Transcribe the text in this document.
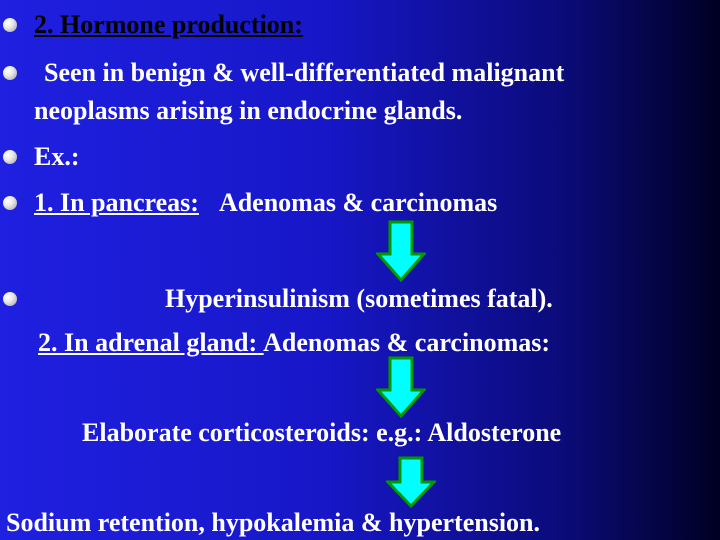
2. Hormone production:
Seen in benign & well-differentiated malignant
neoplasms arising in endocrine glands.
Ex.:
1. In pancreas: Adenomas & carcinomas
Hyperinsulinism (sometimes fatal).
2. In adrenal gland: Adenomas & carcinomas:
Elaborate corticosteroids: e.g.: Aldosterone
Sodium retention, hypokalemia & hypertension.
